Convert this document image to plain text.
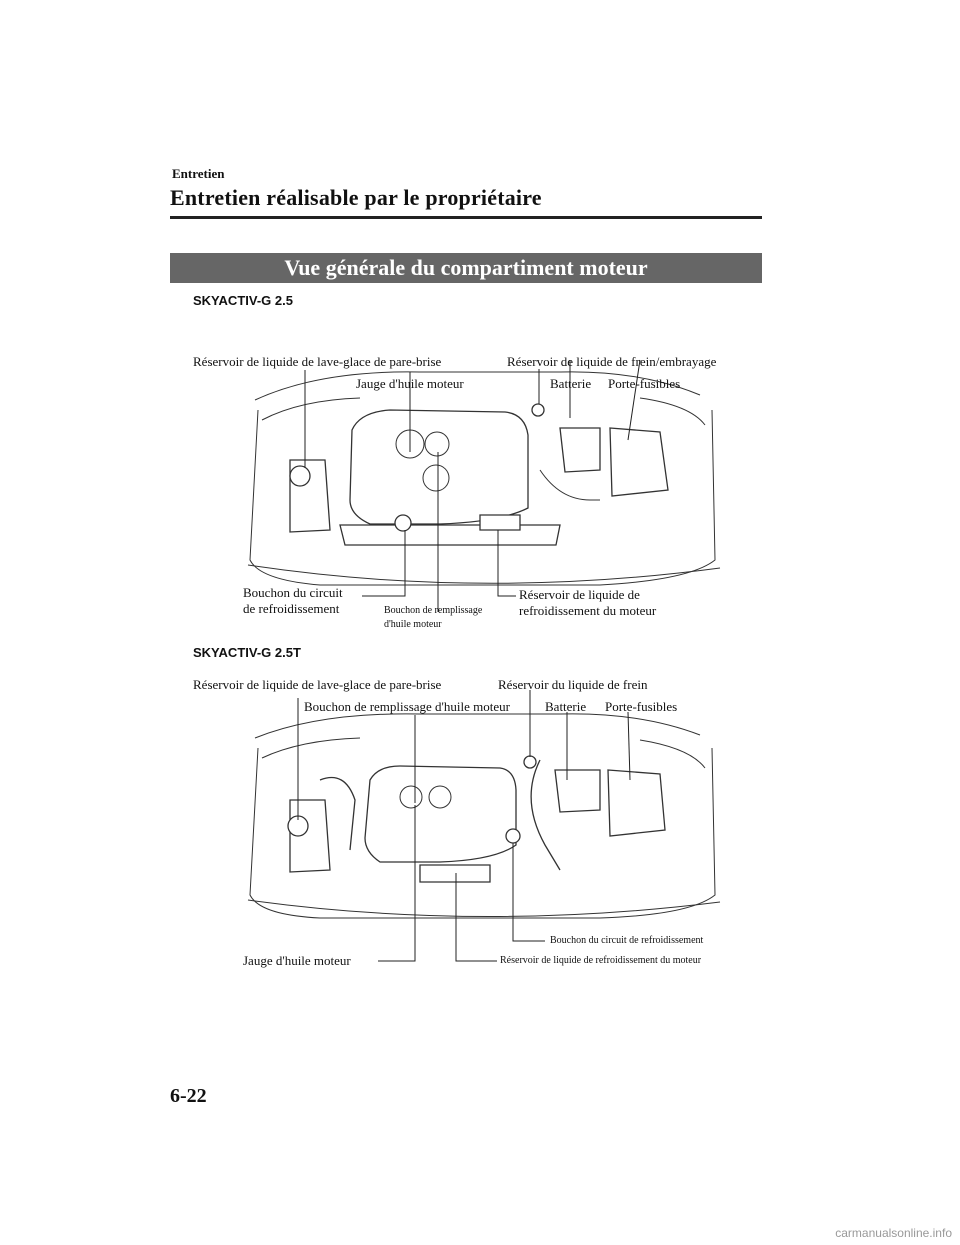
Entretien
Entretien réalisable par le propriétaire
Vue générale du compartiment moteur
SKYACTIV-G 2.5
Réservoir de liquide de lave-glace de pare-brise	Réservoir de liquide de frein/embrayage
Jauge d'huile moteur	Batterie Porte-fusibles
Bouchon du circuit
de refroidissement	Bouchon de remplissage
d'huile moteur
Réservoir de liquide de
refroidissement du moteur
SKYACTIV-G 2.5T
Réservoir de liquide de lave-glace de pare-brise	Réservoir du liquide de frein
Bouchon de remplissage d'huile moteur	Batterie Porte-fusibles
Bouchon du circuit de refroidissement
Jauge d'huile moteur	Réservoir de liquide de refroidissement du moteur
6-22
carmanualsonline.info
